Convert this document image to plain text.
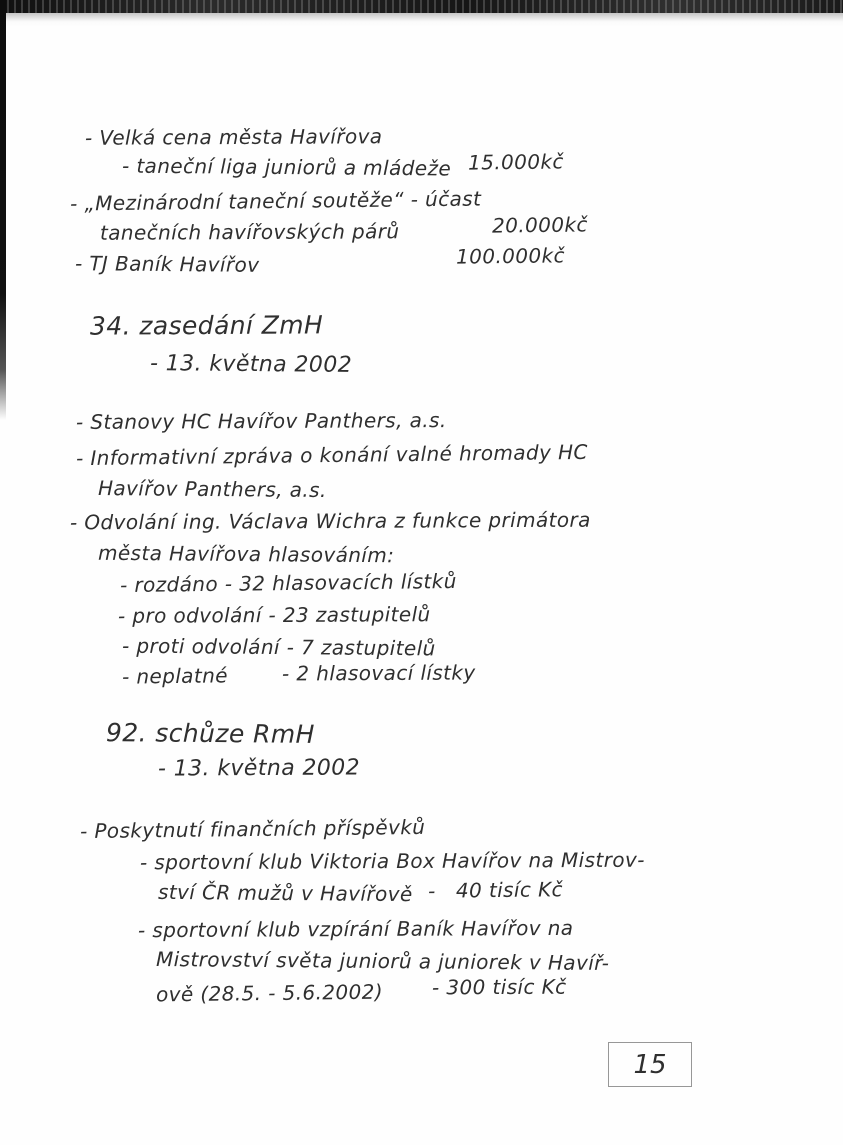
- Velká cena města Havířova
- taneční liga juniorů a mládeže 15.000kč
- „Mezinárodní taneční soutěže“ - účast
tanečních havířovských párů	20.000kč
- TJ Baník Havířov	100.000kč
34. zasedání ZmH
- 13. května 2002
- Stanovy HC Havířov Panthers, a.s.
- Informativní zpráva o konání valné hromady HC
Havířov Panthers, a.s.
- Odvolání ing. Václava Wichra z funkce primátora
města Havířova hlasováním:
- rozdáno - 32 hlasovacích lístků
- pro odvolání - 23 zastupitelů
- proti odvolání - 7 zastupitelů
- neplatné	- 2 hlasovací lístky
92. schůze RmH
- 13. května 2002
- Poskytnutí finančních příspěvků
- sportovní klub Viktoria Box Havířov na Mistrov-
ství ČR mužů v Havířově -   40 tisíc Kč
- sportovní klub vzpírání Baník Havířov na
Mistrovství světa juniorů a juniorek v Havíř-
ově (28.5. - 5.6.2002) - 300 tisíc Kč
15
